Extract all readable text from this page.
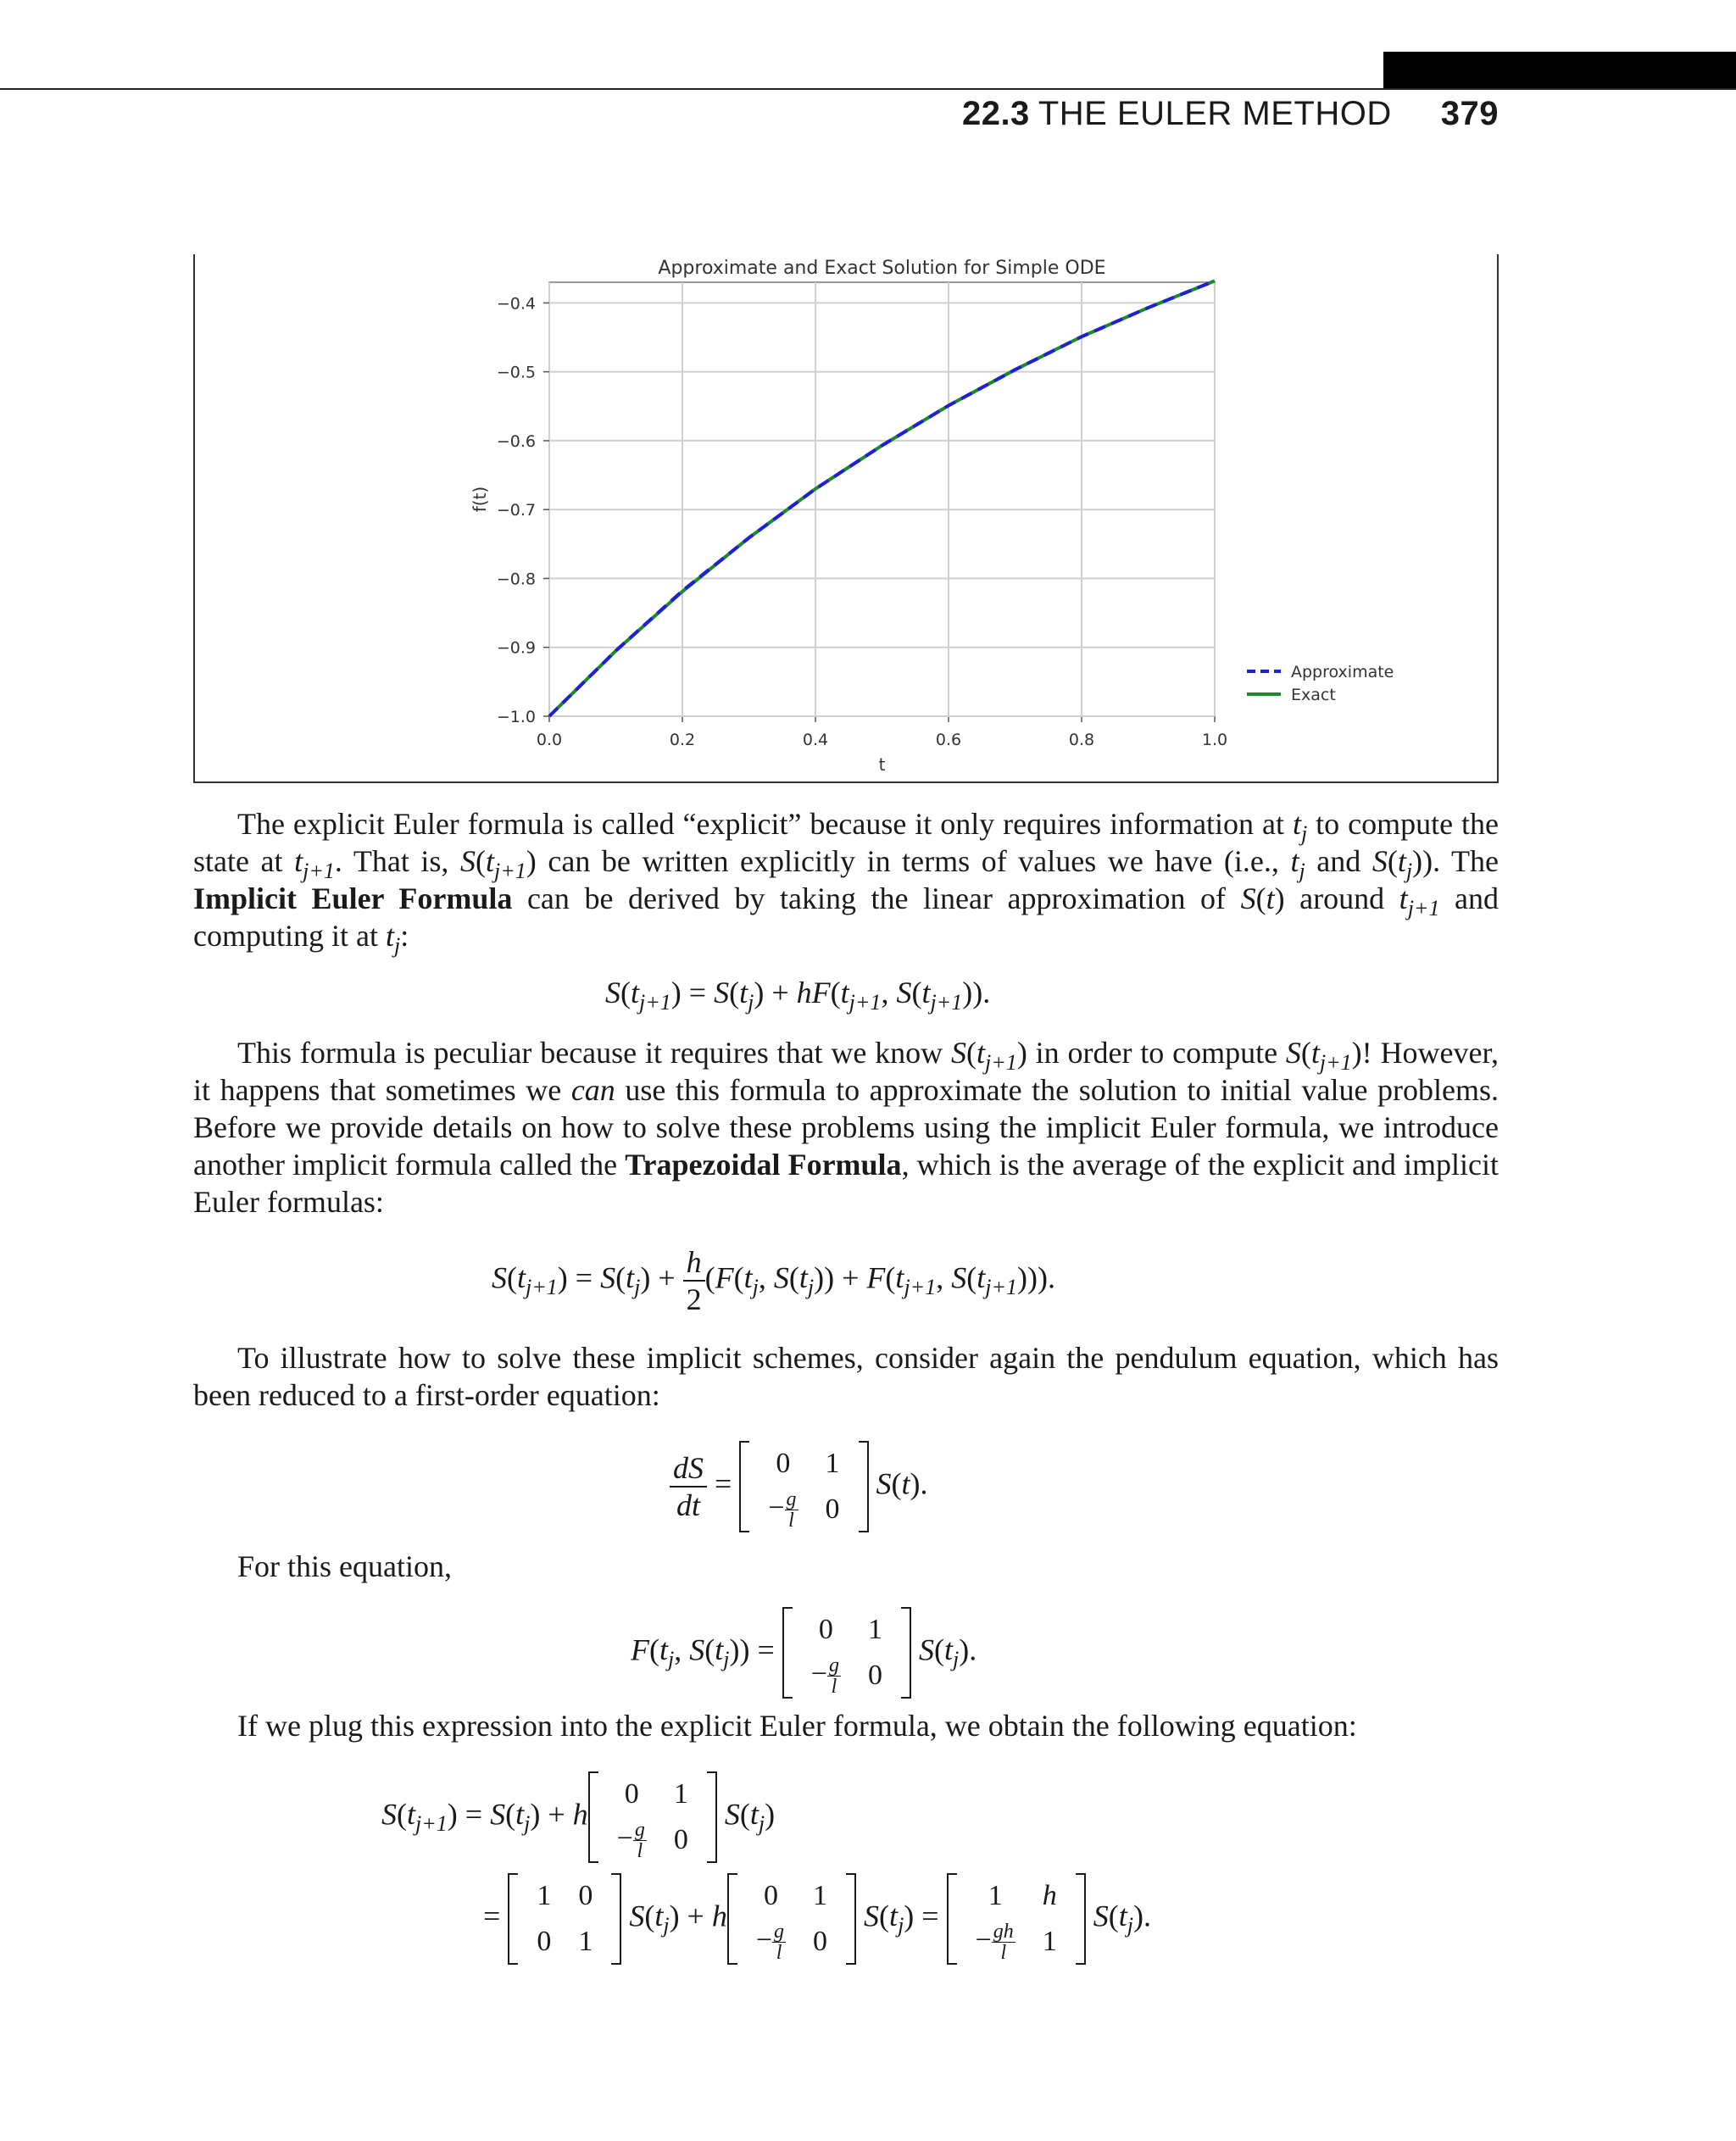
22.3 THE EULER METHOD 379
0.0	0.2	0.4	0.6	0.8	1.0
−0.4
−0.5
−0.6
−0.7
−0.8
−0.9
−1.0
Approximate and Exact Solution for Simple ODE
t
f(t)
Approximate
Exact

The explicit Euler formula is called “explicit” because it only requires information at $t_j$ to compute the state at $t_{j+1}$. That is, $S(t_{j+1})$ can be written explicitly in terms of values we have (i.e., $t_j$ and $S(t_j)$). The Implicit Euler Formula can be derived by taking the linear approximation of S(t) around $t_{j+1}$ and computing it at $t_j$:

$S(t_{j+1}) = S(t_j) + hF(t_{j+1}$, $S(t_{j+1})$).

This formula is peculiar because it requires that we know $S(t_{j+1})$ in order to compute $S(t_{j+1})$! However, it happens that sometimes we can use this formula to approximate the solution to initial value problems. Before we provide details on how to solve these problems using the implicit Euler formula, we introduce another implicit formula called the Trapezoidal Formula, which is the average of the explicit and implicit Euler formulas:

$S(t_{j+1}) = S(t_j) + \frac{h}{2} (F(t_j$, $S(t_j)) + F(t_{j+1}$, $S(t_{j+1})$)).

To illustrate how to solve these implicit schemes, consider again the pendulum equation, which has been reduced to a first-order equation:

$\frac{dS}{dt}$ =
0	1
− $\frac{g}{l}$	0
S(t).

For this equation,

$F(t_j$, $S(t_j)$) =
0	1
− $\frac{g}{l}$	0
$S(t_j)$.

If we plug this expression into the explicit Euler formula, we obtain the following equation:

$S(t_{j+1}) = S(t_j) + h$
0	1
− $\frac{g}{l}$	0
$S(t_j)$
=
1	0
0	1
$S(t_j) + h$
0	1
− $\frac{g}{l}$	0
$S(t_j)$ =
1	h
− $\frac{gh}{l}$	1
$S(t_j)$.
